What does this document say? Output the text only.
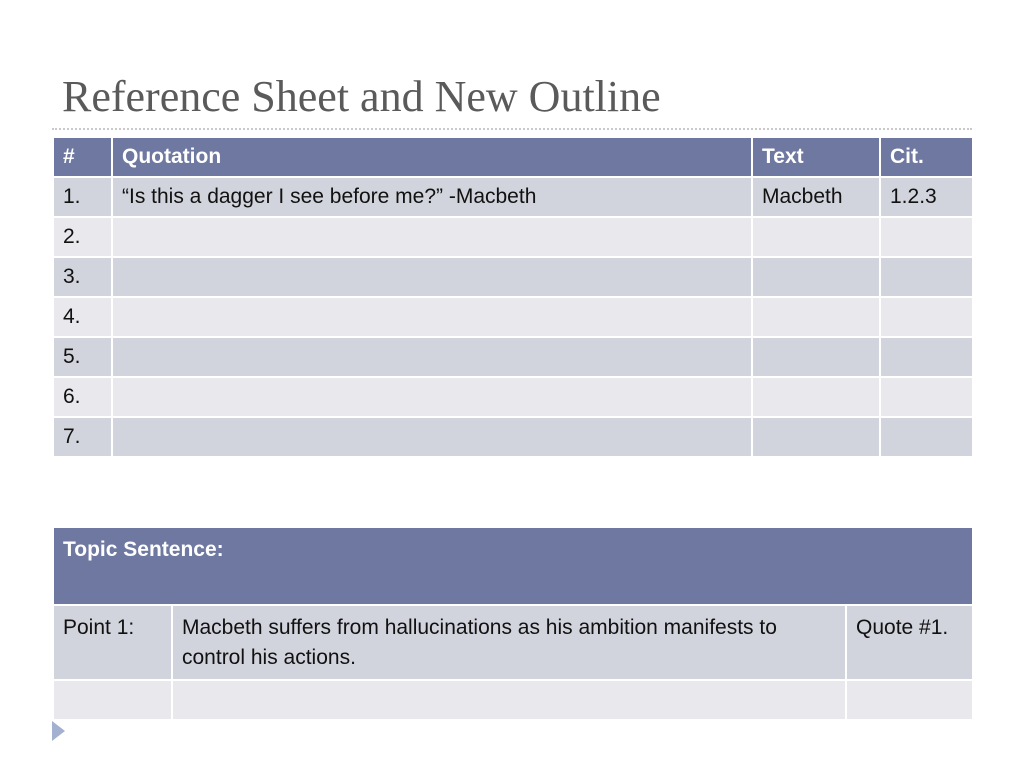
Reference Sheet and New Outline
#	Quotation	Text	Cit.
1.	“Is this a dagger I see before me?” -Macbeth	Macbeth	1.2.3
2.			
3.			
4.			
5.			
6.			
7.			
Topic Sentence:		
Point 1:	Macbeth suffers from hallucinations as his ambition manifests to control his actions.	Quote #1.
